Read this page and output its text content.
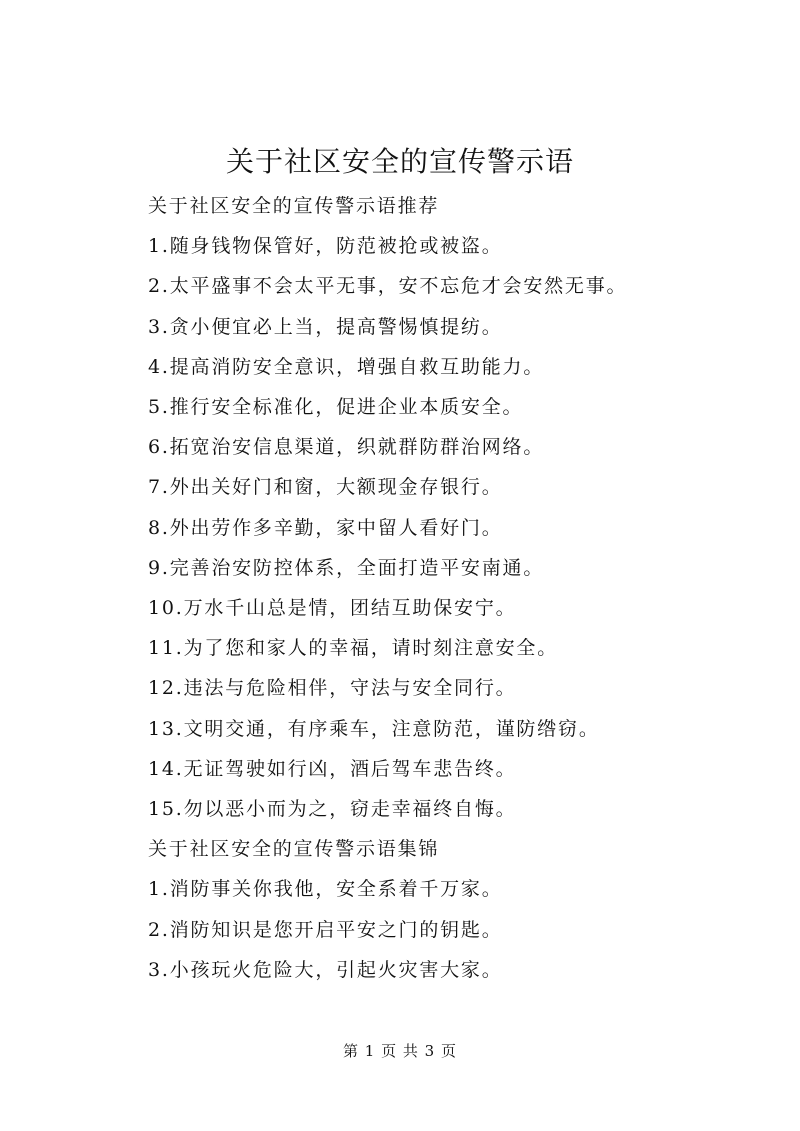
关于社区安全的宣传警示语
关于社区安全的宣传警示语推荐
1.随身钱物保管好，防范被抢或被盗。
2.太平盛事不会太平无事，安不忘危才会安然无事。
3.贪小便宜必上当，提高警惕慎提纺。
4.提高消防安全意识，增强自救互助能力。
5.推行安全标准化，促进企业本质安全。
6.拓宽治安信息渠道，织就群防群治网络。
7.外出关好门和窗，大额现金存银行。
8.外出劳作多辛勤，家中留人看好门。
9.完善治安防控体系，全面打造平安南通。
10.万水千山总是情，团结互助保安宁。
11.为了您和家人的幸福，请时刻注意安全。
12.违法与危险相伴，守法与安全同行。
13.文明交通，有序乘车，注意防范，谨防绺窃。
14.无证驾驶如行凶，酒后驾车悲告终。
15.勿以恶小而为之，窃走幸福终自悔。
关于社区安全的宣传警示语集锦
1.消防事关你我他，安全系着千万家。
2.消防知识是您开启平安之门的钥匙。
3.小孩玩火危险大，引起火灾害大家。
第 1 页 共 3 页
